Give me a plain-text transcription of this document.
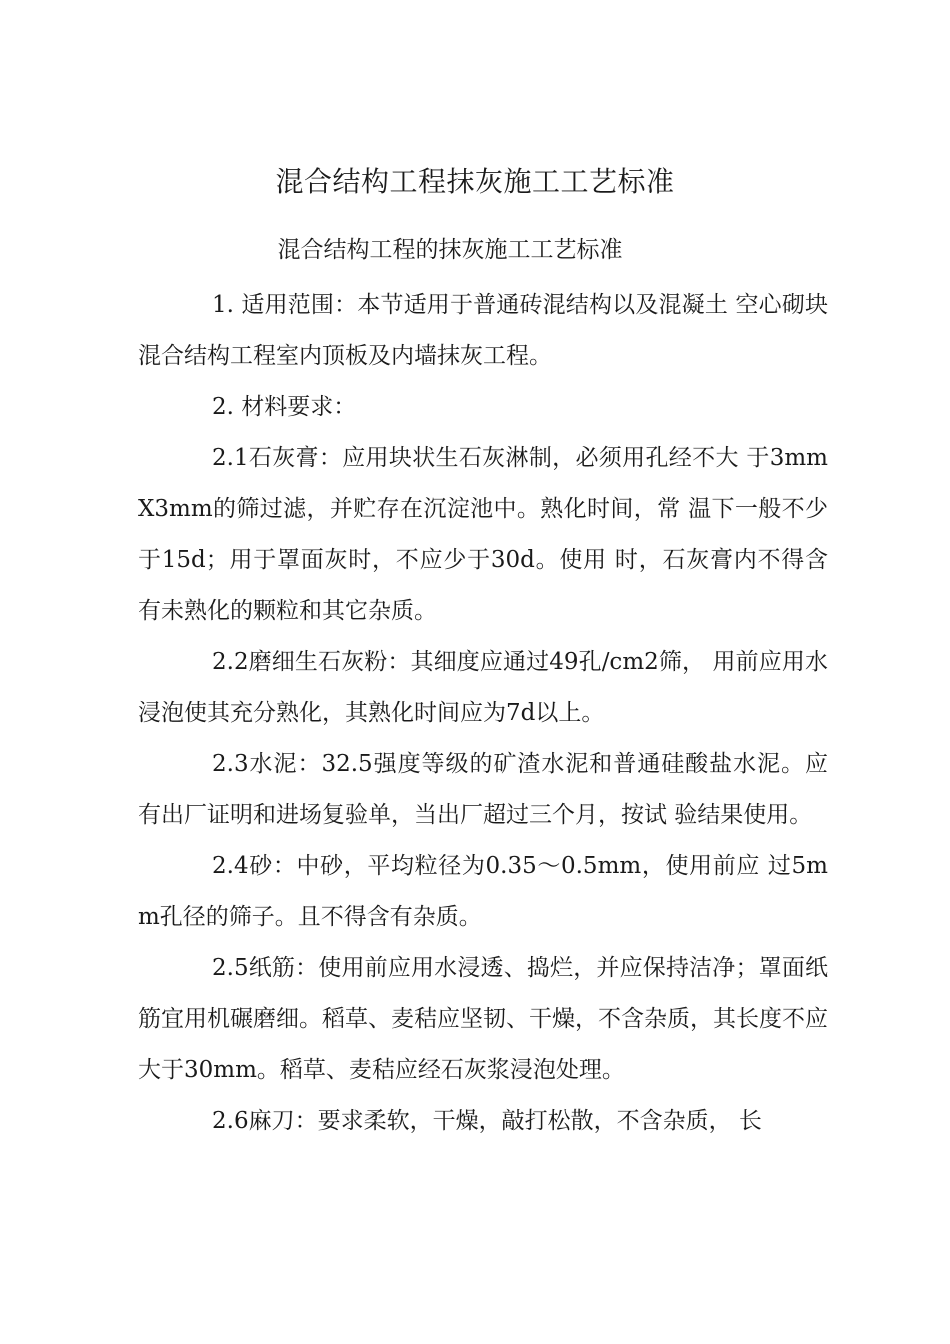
混合结构工程抹灰施工工艺标准
混合结构工程的抹灰施工工艺标准

1. 适用范围：本节适用于普通砖混结构以及混凝土 空心砌块混合结构工程室内顶板及内墙抹灰工程。

2. 材料要求：

2.1石灰膏：应用块状生石灰淋制，必须用孔经不大 于3mmX3mm的筛过滤，并贮存在沉淀池中。熟化时间，常 温下一般不少于15d；用于罩面灰时，不应少于30d。使用 时，石灰膏内不得含有未熟化的颗粒和其它杂质。

2.2磨细生石灰粉：其细度应通过49孔/cm2筛， 用前应用水浸泡使其充分熟化，其熟化时间应为7d以上。

2.3水泥：32.5强度等级的矿渣水泥和普通硅酸盐水泥。应有出厂证明和进场复验单，当出厂超过三个月，按试 验结果使用。

2.4砂：中砂，平均粒径为0.35〜0.5mm，使用前应 过5mm孔径的筛子。且不得含有杂质。

2.5纸筋：使用前应用水浸透、捣烂，并应保持洁净；罩面纸筋宜用机碾磨细。稻草、麦秸应坚韧、干燥，不含杂质，其长度不应大于30mm。稻草、麦秸应经石灰浆浸泡处理。

2.6麻刀：要求柔软，干燥，敲打松散，不含杂质， 长
